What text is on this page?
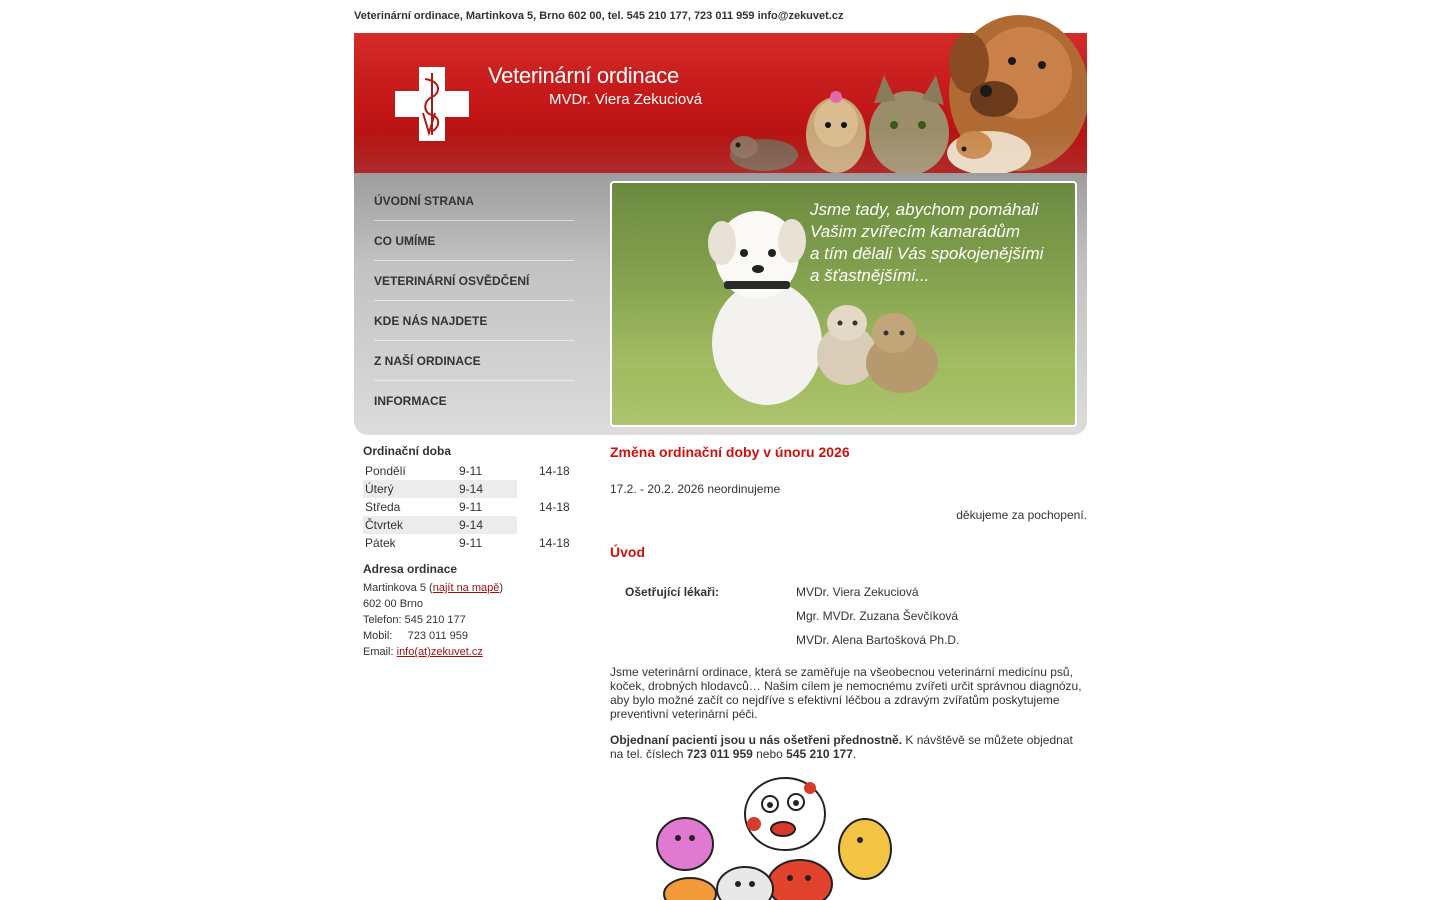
Veterinární ordinace, Martinkova 5, Brno 602 00, tel. 545 210 177, 723 011 959 info@zekuvet.cz
Veterinární ordinace
MVDr. Viera Zekuciová
ÚVODNÍ STRANA
CO UMÍME
VETERINÁRNÍ OSVĚDČENÍ
KDE NÁS NAJDETE
Z NAŠÍ ORDINACE
INFORMACE
Jsme tady, abychom pomáhali
Vašim zvířecím kamarádům
a tím dělali Vás spokojenějšími
a šťastnějšími...
Ordinační doba
Pondělí	9-11	14-18
Úterý	9-14	
Středa	9-11	14-18
Čtvrtek	9-14	
Pátek	9-11	14-18
Adresa ordinace
Martinkova 5 (najít na mapě)
602 00 Brno
Telefon: 545 210 177
Mobil: 723 011 959
Email: info(at)zekuvet.cz
Změna ordinační doby v únoru 2026
17.2. - 20.2. 2026 neordinujeme
děkujeme za pochopení.
Úvod
Ošetřující lékaři:	MVDr. Viera Zekuciová
Mgr. MVDr. Zuzana Ševčíková
MVDr. Alena Bartošková Ph.D.

Jsme veterinární ordinace, která se zaměřuje na všeobecnou veterinární medicínu psů, koček, drobných hlodavců… Našim cílem je nemocnému zvířeti určit správnou diagnózu, aby bylo možné začít co nejdříve s efektivní léčbou a zdravým zvířatům poskytujeme preventivní veterinární péči.

Objednaní pacienti jsou u nás ošetřeni přednostně. K návštěvě se můžete objednat na tel. číslech 723 011 959 nebo 545 210 177.
